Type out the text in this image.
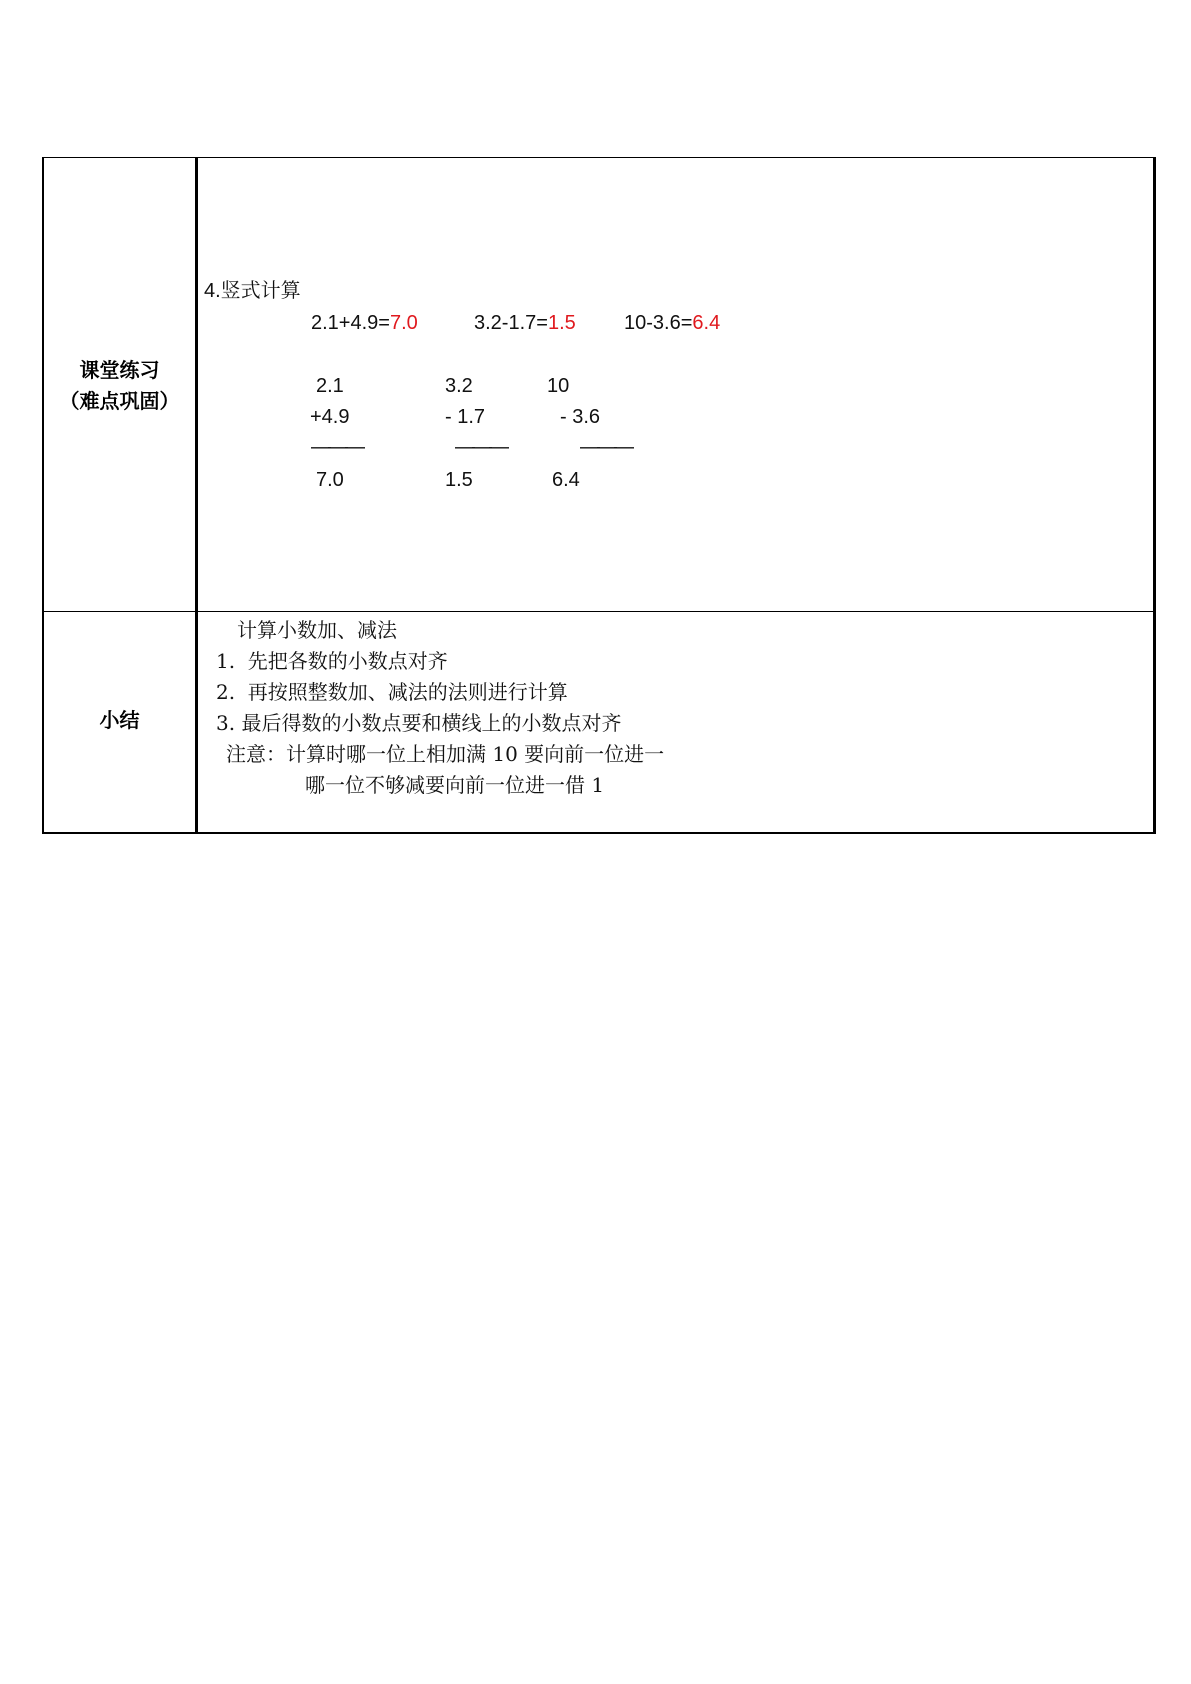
课堂练习
（难点巩固）
4.竖式计算
2.1+4.9=7.0	3.2-1.7=1.5 10-3.6=6.4
2.1
+4.9
———
7.0
3.2
- 1.7
———
1.5
10
- 3.6
———
6.4
小结
计算小数加、减法
1.  先把各数的小数点对齐
2.  再按照整数加、减法的法则进行计算
3. 最后得数的小数点要和横线上的小数点对齐
注意：计算时哪一位上相加满 10 要向前一位进一
哪一位不够减要向前一位进一借 1
